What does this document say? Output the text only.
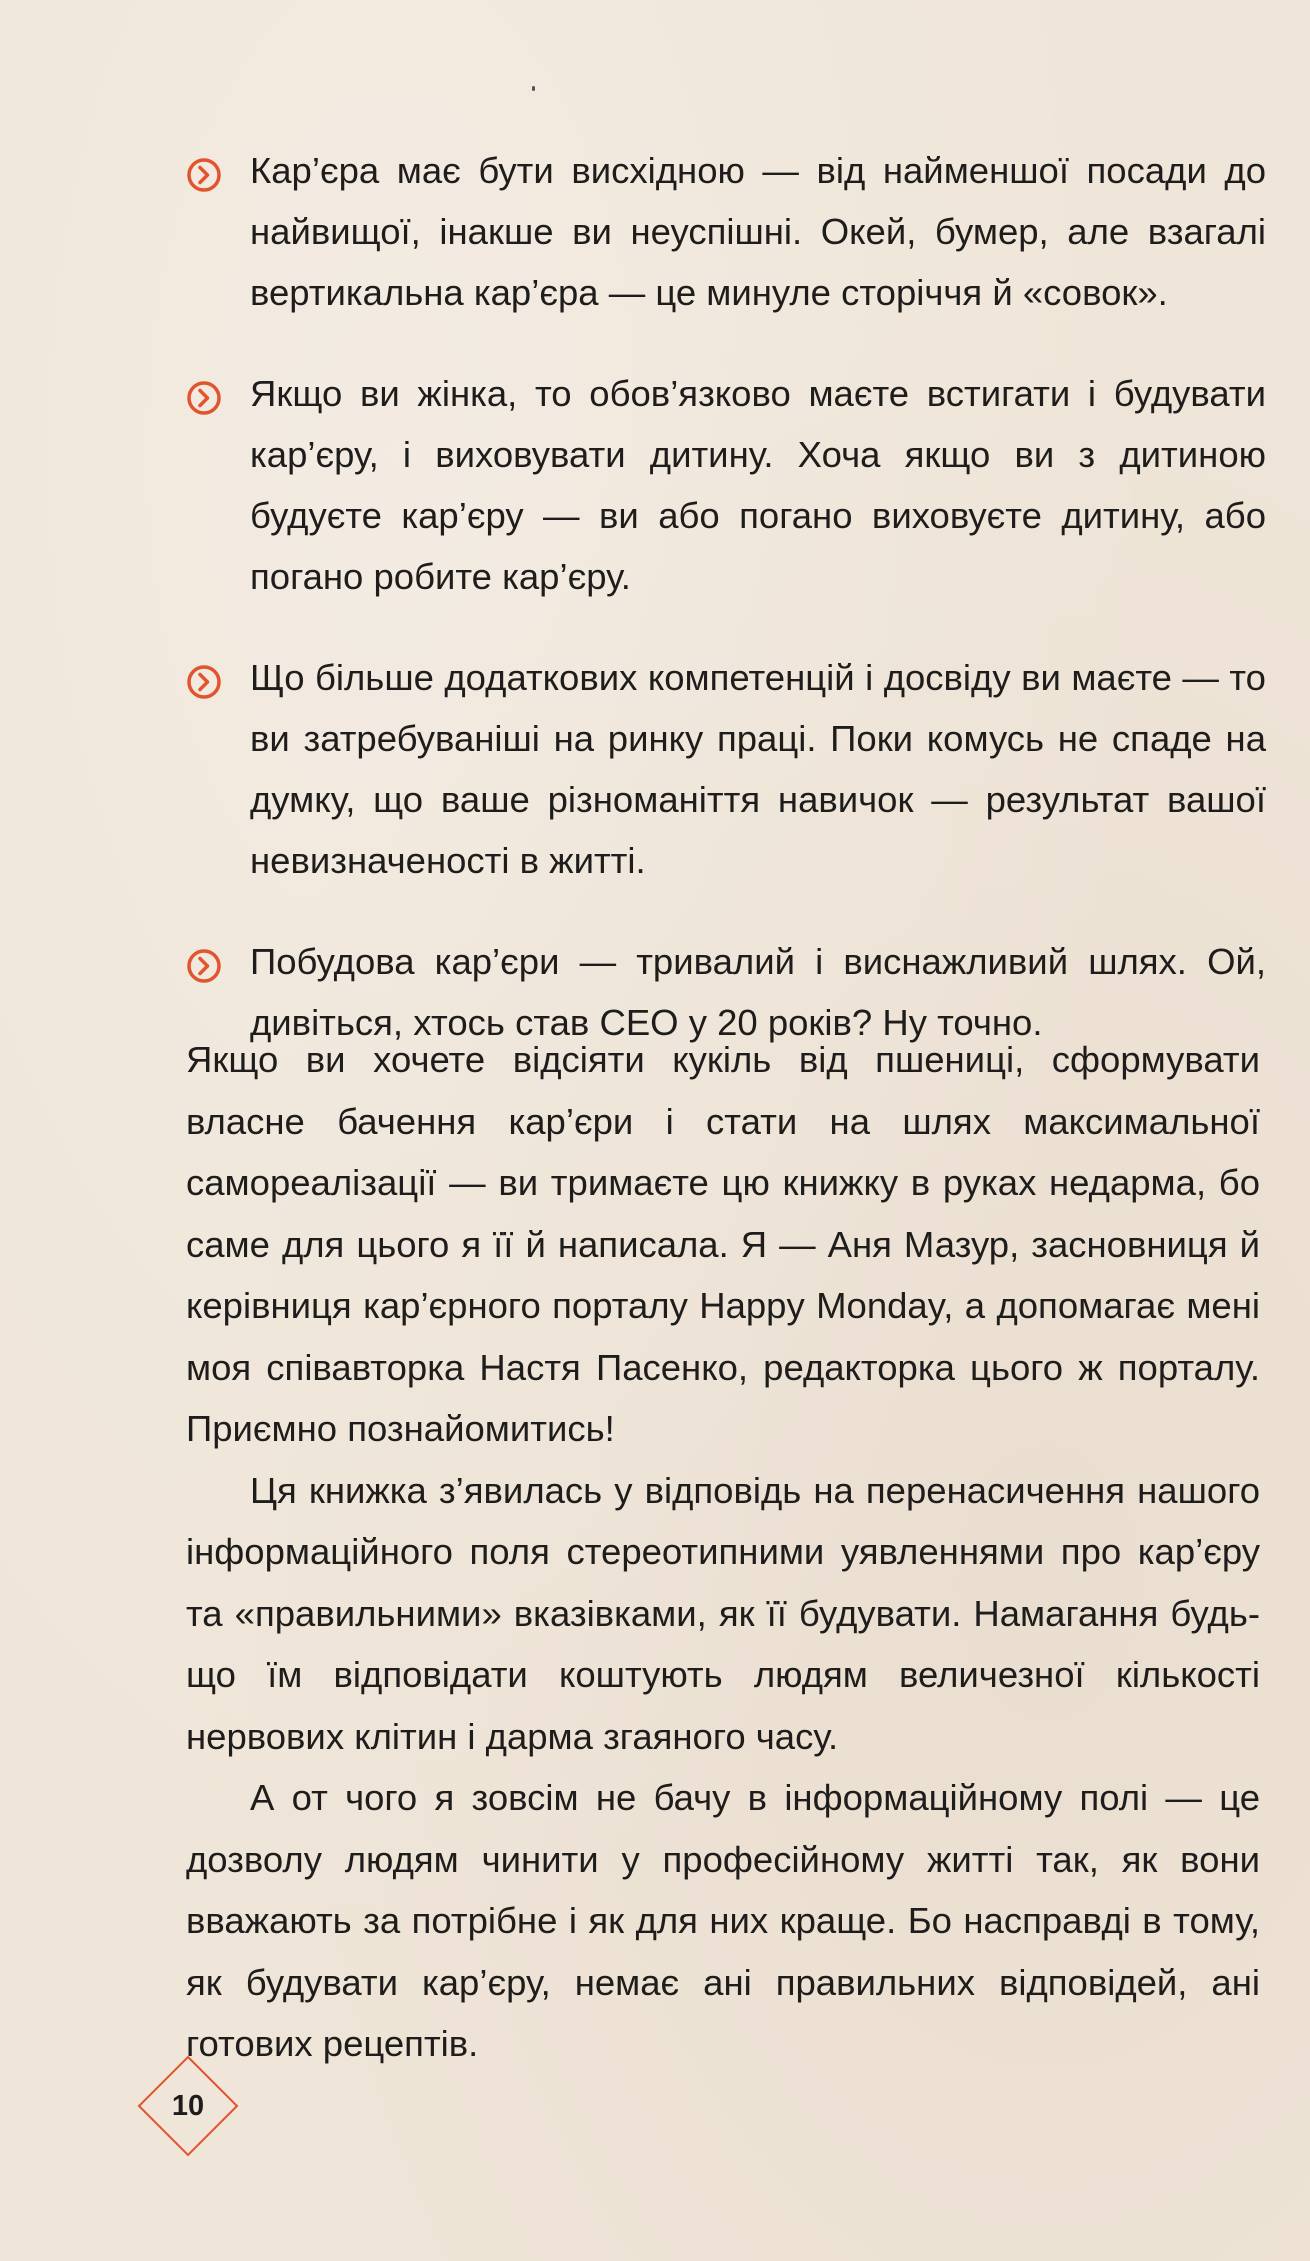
Кар’єра має бути висхідною — від найменшої посади до найвищої, інакше ви неуспішні. Окей, бумер, але взагалі вертикальна кар’єра — це минуле сторіччя й «совок».
Якщо ви жінка, то обов’язково маєте встигати і будувати кар’єру, і виховувати дитину. Хоча якщо ви з дитиною будуєте кар’єру — ви або погано виховуєте дитину, або погано робите кар’єру.
Що більше додаткових компетенцій і досвіду ви маєте — то ви затребуваніші на ринку праці. Поки комусь не спаде на думку, що ваше різноманіття навичок — результат вашої невизначеності в житті.
Побудова кар’єри — тривалий і виснажливий шлях. Ой, дивіться, хтось став CEO у 20 років? Ну точно.

Якщо ви хочете відсіяти кукіль від пшениці, сформувати власне бачення кар’єри і стати на шлях максимальної самореалізації — ви тримаєте цю книжку в руках недарма, бо саме для цього я її й написала. Я — Аня Мазур, засновниця й керівниця кар’єрного порталу Happy Monday, а допомагає мені моя співавторка Настя Пасенко, редакторка цього ж порталу. Приємно познайомитись!

Ця книжка з’явилась у відповідь на перенасичення нашого інформаційного поля стереотипними уявленнями про кар’єру та «правильними» вказівками, як її будувати. Намагання будь-що їм відповідати коштують людям величезної кількості нервових клітин і дарма згаяного часу.

А от чого я зовсім не бачу в інформаційному полі — це дозволу людям чинити у професійному житті так, як вони вважають за потрібне і як для них краще. Бо насправді в тому, як будувати кар’єру, немає ані правильних відповідей, ані готових рецептів.

10
